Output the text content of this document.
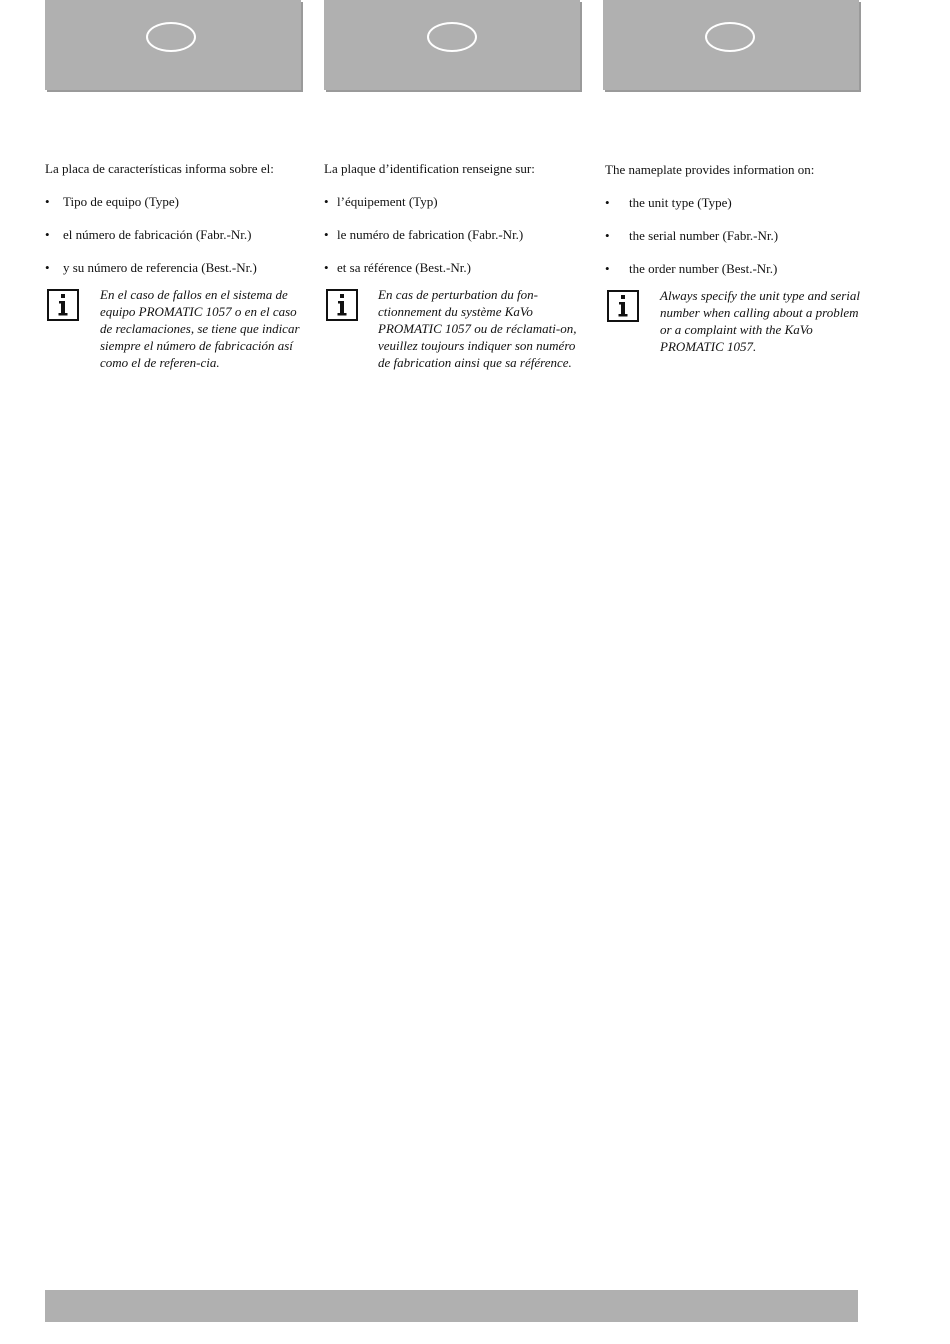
La placa de características informa sobre el:

• Tipo de equipo (Type)
• el número de fabricación (Fabr.-Nr.)
• y su número de referencia (Best.-Nr.)

En el caso de fallos en el sistema de equipo PROMATIC 1057 o en el caso de reclamaciones, se tiene que indicar siempre el número de fabricación así como el de referen-cia.

La plaque d’identification renseigne sur:

• l’équipement (Typ)
• le numéro de fabrication (Fabr.-Nr.)
• et sa référence (Best.-Nr.)

En cas de perturbation du fon-ctionnement du système KaVo PROMATIC 1057 ou de réclamati-on, veuillez toujours indiquer son numéro de fabrication ainsi que sa référence.

The nameplate provides information on:

• the unit type (Type)
• the serial number (Fabr.-Nr.)
• the order number (Best.-Nr.)

Always specify the unit type and serial number when calling about a problem or a complaint with the KaVo PROMATIC 1057.
